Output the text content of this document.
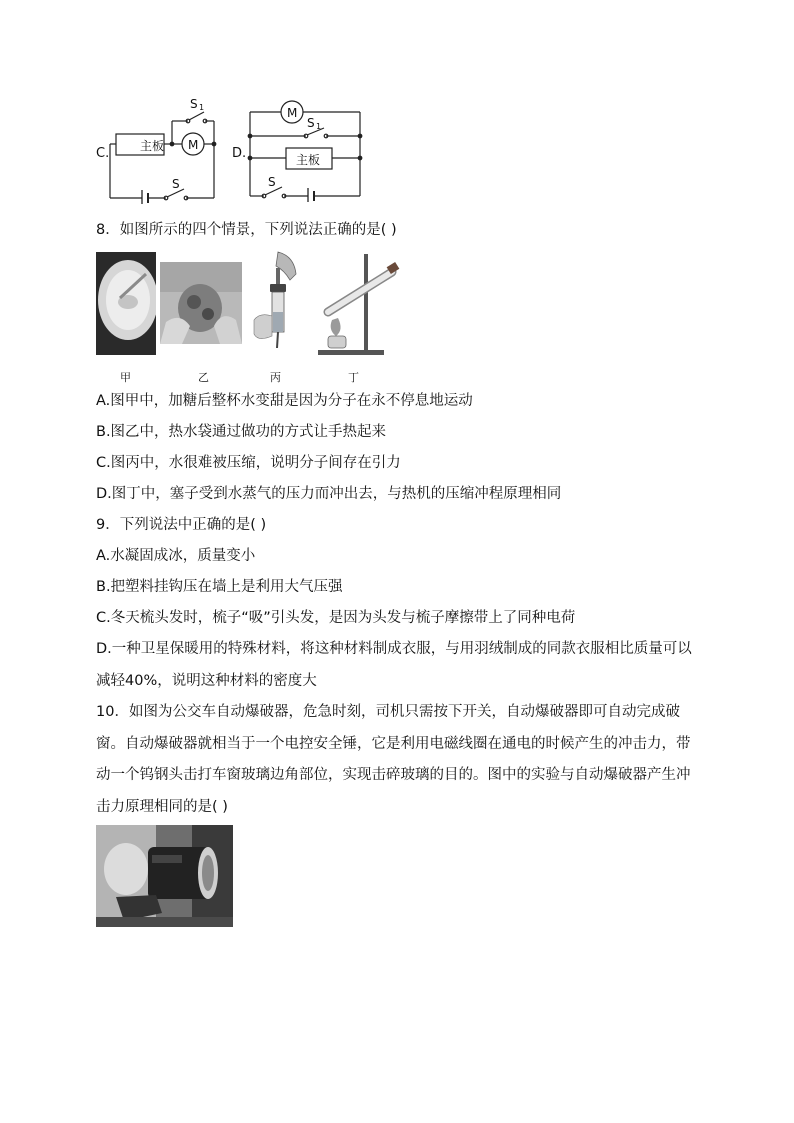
C.	主板 M
S 1
S
D.
M
S 1
主板
S
8．如图所示的四个情景，下列说法正确的是( )
甲	乙	丙	丁
A.图甲中，加糖后整杯水变甜是因为分子在永不停息地运动
B.图乙中，热水袋通过做功的方式让手热起来
C.图丙中，水很难被压缩，说明分子间存在引力
D.图丁中，塞子受到水蒸气的压力而冲出去，与热机的压缩冲程原理相同
9．下列说法中正确的是( )
A.水凝固成冰，质量变小
B.把塑料挂钩压在墙上是利用大气压强
C.冬天梳头发时，梳子“吸”引头发，是因为头发与梳子摩擦带上了同种电荷
D.一种卫星保暖用的特殊材料，将这种材料制成衣服，与用羽绒制成的同款衣服相比质量可以减轻40%，说明这种材料的密度大
10．如图为公交车自动爆破器，危急时刻，司机只需按下开关，自动爆破器即可自动完成破窗。自动爆破器就相当于一个电控安全锤，它是利用电磁线圈在通电的时候产生的冲击力，带动一个钨钢头击打车窗玻璃边角部位，实现击碎玻璃的目的。图中的实验与自动爆破器产生冲击力原理相同的是( )
